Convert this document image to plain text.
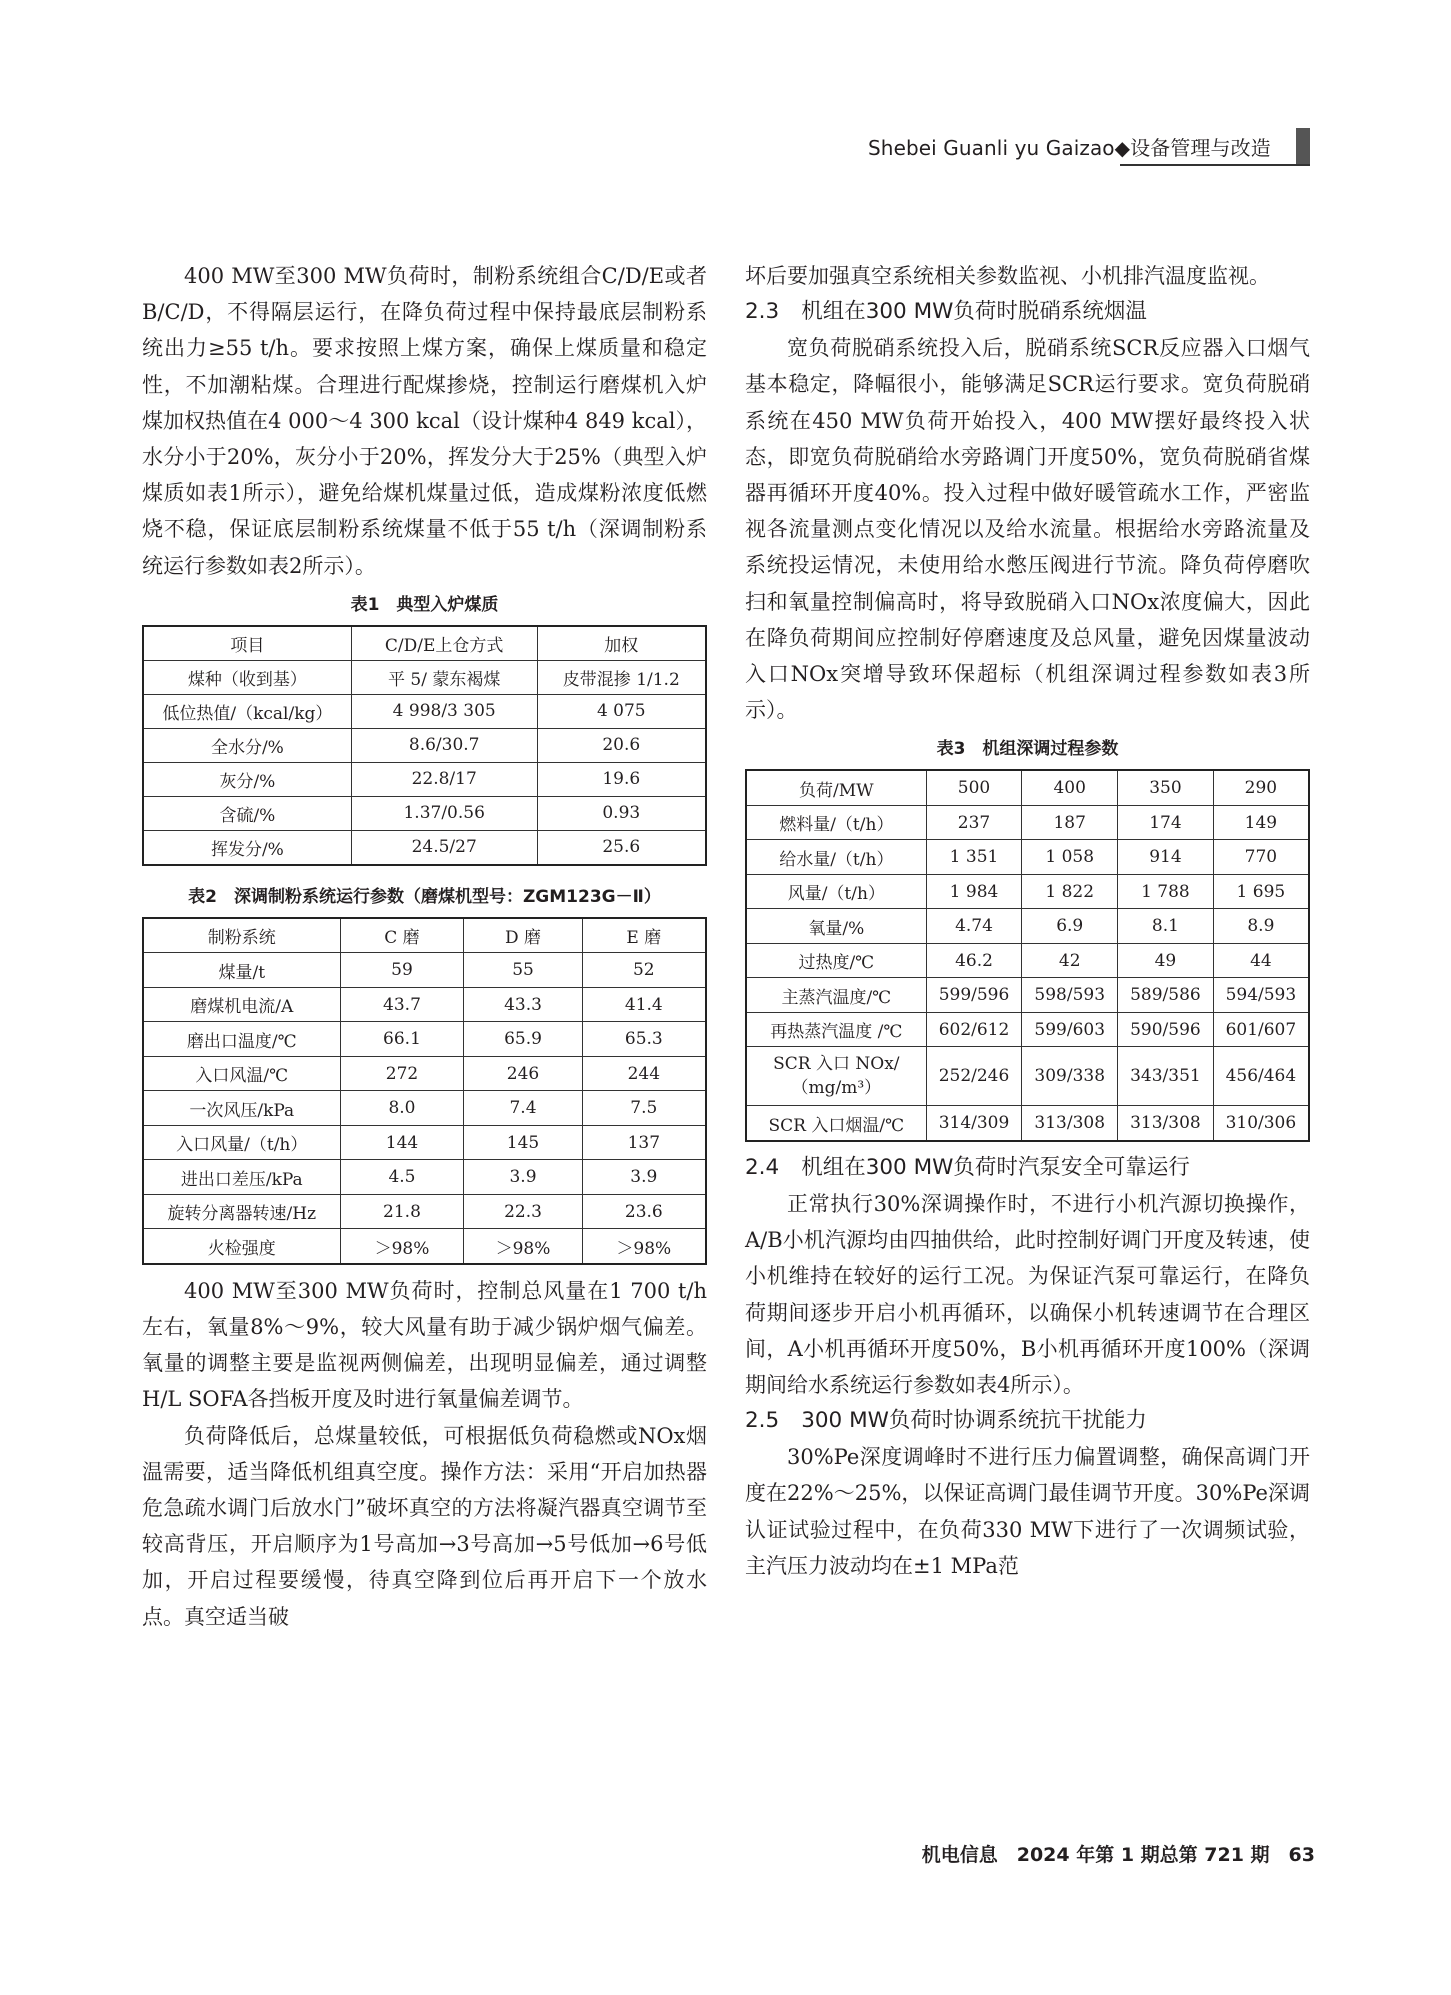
Shebei Guanli yu Gaizao◆设备管理与改造

400 MW至300 MW负荷时，制粉系统组合C/D/E或者B/C/D，不得隔层运行，在降负荷过程中保持最底层制粉系统出力≥55 t/h。要求按照上煤方案，确保上煤质量和稳定性，不加潮粘煤。合理进行配煤掺烧，控制运行磨煤机入炉煤加权热值在4 000～4 300 kcal（设计煤种4 849 kcal），水分小于20%，灰分小于20%，挥发分大于25%（典型入炉煤质如表1所示），避免给煤机煤量过低，造成煤粉浓度低燃烧不稳，保证底层制粉系统煤量不低于55 t/h（深调制粉系统运行参数如表2所示）。

表1　典型入炉煤质
项目	C/D/E上仓方式	加权
煤种（收到基）	平 5/ 蒙东褐煤	皮带混掺 1/1.2
低位热值/（kcal/kg）	4 998/3 305	4 075
全水分/%	8.6/30.7	20.6
灰分/%	22.8/17	19.6
含硫/%	1.37/0.56	0.93
挥发分/%	24.5/27	25.6
表2　深调制粉系统运行参数（磨煤机型号：ZGM123G－Ⅱ）
制粉系统	C 磨	D 磨	E 磨
煤量/t	59	55	52
磨煤机电流/A	43.7	43.3	41.4
磨出口温度/℃	66.1	65.9	65.3
入口风温/℃	272	246	244
一次风压/kPa	8.0	7.4	7.5
入口风量/（t/h）	144	145	137
进出口差压/kPa	4.5	3.9	3.9
旋转分离器转速/Hz	21.8	22.3	23.6
火检强度	＞98%	＞98%	＞98%

400 MW至300 MW负荷时，控制总风量在1 700 t/h左右，氧量8%～9%，较大风量有助于减少锅炉烟气偏差。氧量的调整主要是监视两侧偏差，出现明显偏差，通过调整H/L SOFA各挡板开度及时进行氧量偏差调节。

负荷降低后，总煤量较低，可根据低负荷稳燃或NOx烟温需要，适当降低机组真空度。操作方法：采用“开启加热器危急疏水调门后放水门”破坏真空的方法将凝汽器真空调节至较高背压，开启顺序为1号高加→3号高加→5号低加→6号低加，开启过程要缓慢，待真空降到位后再开启下一个放水点。真空适当破

坏后要加强真空系统相关参数监视、小机排汽温度监视。

2.3 机组在300 MW负荷时脱硝系统烟温

宽负荷脱硝系统投入后，脱硝系统SCR反应器入口烟气基本稳定，降幅很小，能够满足SCR运行要求。宽负荷脱硝系统在450 MW负荷开始投入，400 MW摆好最终投入状态，即宽负荷脱硝给水旁路调门开度50%，宽负荷脱硝省煤器再循环开度40%。投入过程中做好暖管疏水工作，严密监视各流量测点变化情况以及给水流量。根据给水旁路流量及系统投运情况，未使用给水憋压阀进行节流。降负荷停磨吹扫和氧量控制偏高时，将导致脱硝入口NOx浓度偏大，因此在降负荷期间应控制好停磨速度及总风量，避免因煤量波动入口NOx突增导致环保超标（机组深调过程参数如表3所示）。

表3　机组深调过程参数
负荷/MW	500	400	350	290
燃料量/（t/h）	237	187	174	149
给水量/（t/h）	1 351	1 058	914	770
风量/（t/h）	1 984	1 822	1 788	1 695
氧量/%	4.74	6.9	8.1	8.9
过热度/℃	46.2	42	49	44
主蒸汽温度/℃	599/596	598/593	589/586	594/593
再热蒸汽温度 /℃	602/612	599/603	590/596	601/607
SCR 入口 NOx/（mg/m³）	252/246	309/338	343/351	456/464
SCR 入口烟温/℃	314/309	313/308	313/308	310/306
2.4 机组在300 MW负荷时汽泵安全可靠运行

正常执行30%深调操作时，不进行小机汽源切换操作，A/B小机汽源均由四抽供给，此时控制好调门开度及转速，使小机维持在较好的运行工况。为保证汽泵可靠运行，在降负荷期间逐步开启小机再循环，以确保小机转速调节在合理区间，A小机再循环开度50%，B小机再循环开度100%（深调期间给水系统运行参数如表4所示）。

2.5 300 MW负荷时协调系统抗干扰能力

30%Pe深度调峰时不进行压力偏置调整，确保高调门开度在22%～25%，以保证高调门最佳调节开度。30%Pe深调认证试验过程中，在负荷330 MW下进行了一次调频试验，主汽压力波动均在±1 MPa范

机电信息　2024 年第 1 期总第 721 期　63
